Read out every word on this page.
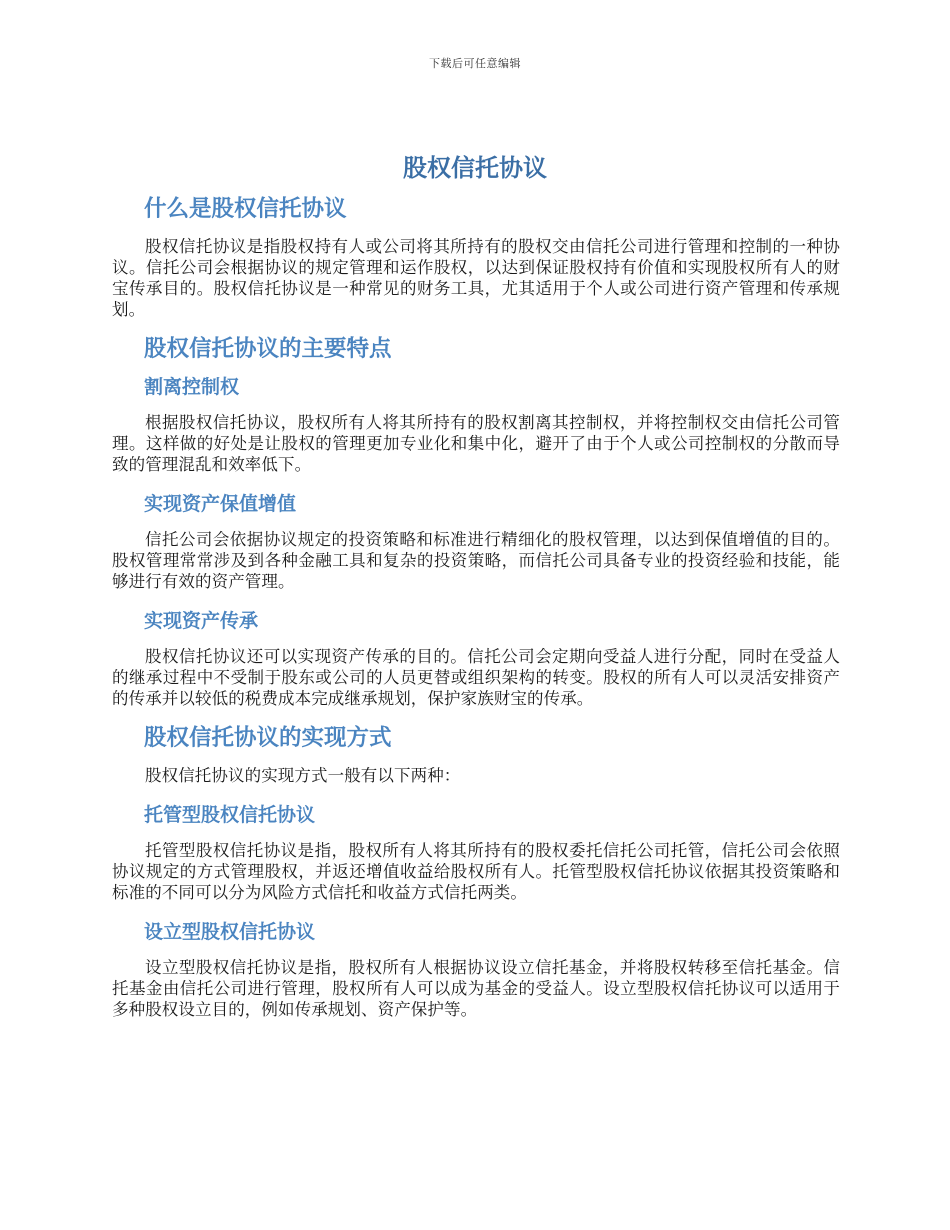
下载后可任意编辑
股权信托协议
什么是股权信托协议

股权信托协议是指股权持有人或公司将其所持有的股权交由信托公司进行管理和控制的一种协议。信托公司会根据协议的规定管理和运作股权，以达到保证股权持有价值和实现股权所有人的财宝传承目的。股权信托协议是一种常见的财务工具，尤其适用于个人或公司进行资产管理和传承规划。

股权信托协议的主要特点
割离控制权

根据股权信托协议，股权所有人将其所持有的股权割离其控制权，并将控制权交由信托公司管理。这样做的好处是让股权的管理更加专业化和集中化，避开了由于个人或公司控制权的分散而导致的管理混乱和效率低下。

实现资产保值增值

信托公司会依据协议规定的投资策略和标准进行精细化的股权管理，以达到保值增值的目的。股权管理常常涉及到各种金融工具和复杂的投资策略，而信托公司具备专业的投资经验和技能，能够进行有效的资产管理。

实现资产传承

股权信托协议还可以实现资产传承的目的。信托公司会定期向受益人进行分配，同时在受益人的继承过程中不受制于股东或公司的人员更替或组织架构的转变。股权的所有人可以灵活安排资产的传承并以较低的税费成本完成继承规划，保护家族财宝的传承。

股权信托协议的实现方式

股权信托协议的实现方式一般有以下两种：

托管型股权信托协议

托管型股权信托协议是指，股权所有人将其所持有的股权委托信托公司托管，信托公司会依照协议规定的方式管理股权，并返还增值收益给股权所有人。托管型股权信托协议依据其投资策略和标准的不同可以分为风险方式信托和收益方式信托两类。

设立型股权信托协议

设立型股权信托协议是指，股权所有人根据协议设立信托基金，并将股权转移至信托基金。信托基金由信托公司进行管理，股权所有人可以成为基金的受益人。设立型股权信托协议可以适用于多种股权设立目的，例如传承规划、资产保护等。
